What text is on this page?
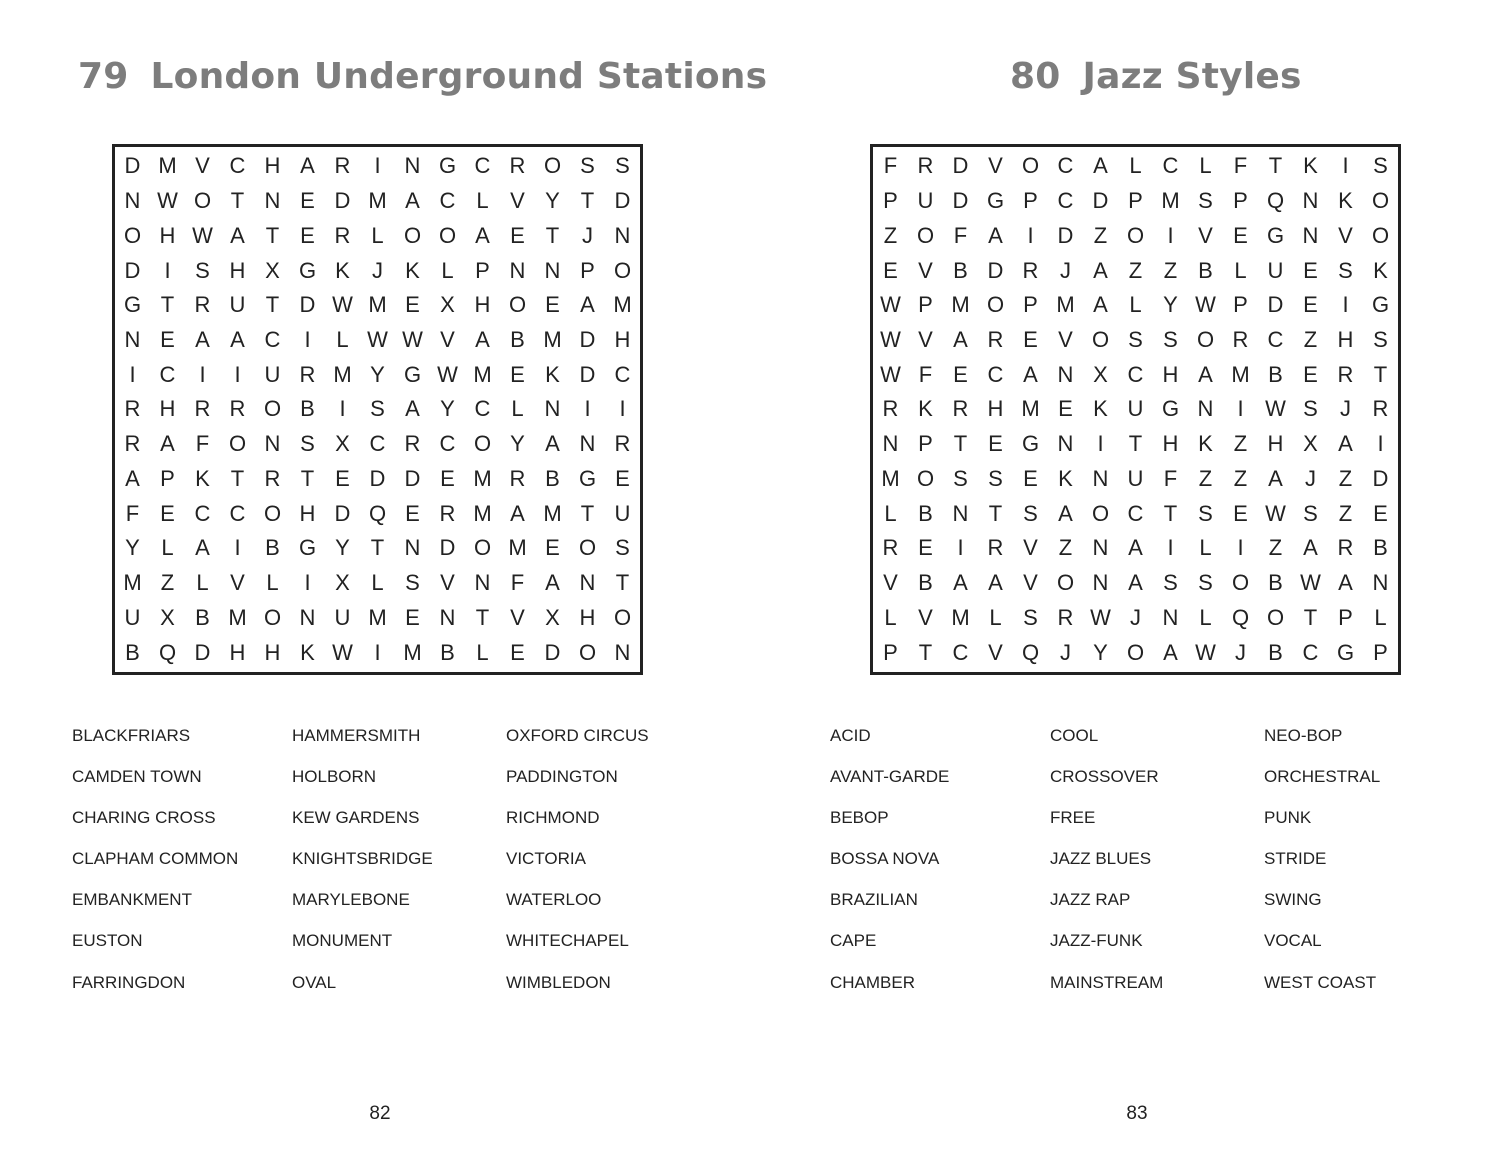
79 London Underground Stations
D M V C H A R	I	N G C R O S S
N W O T N E D M A C L V Y T D
O H W A T E R L O O A E T	J N
D	I	S H X G K	J	K L P N N P O
G T R U T D W M E X H O E A M
N E A A C	I	L W W V A B M D H
I	C	I	I	U R M Y G W M E K D C
R H R R O B	I	S A Y C L N	I	I
R A F O N S X C R C O Y A N R
A P K T R T E D D E M R B G E
F E C C O H D Q E R M A M T U
Y L A	I	B G Y T N D O M E O S
M Z	L V L	I	X L S V N F A N T
U X B M O N U M E N T V X H O
B Q D H H K W I	M B L E D O N
BLACKFRIARS
CAMDEN TOWN
CHARING CROSS
CLAPHAM COMMON
EMBANKMENT
EUSTON
FARRINGDON
HAMMERSMITH
HOLBORN
KEW GARDENS
KNIGHTSBRIDGE
MARYLEBONE
MONUMENT
OVAL
OXFORD CIRCUS
PADDINGTON
RICHMOND
VICTORIA
WATERLOO
WHITECHAPEL
WIMBLEDON
82
80 Jazz Styles
F R D V O C A L C L	F T K	I	S
P U D G P C D P M S P Q N K O
Z O F A	I	D Z O	I	V E G N V O
E V B D R J	A Z Z B L U E S K
W P M O P M A L Y W P D E	I	G
W V A R E V O S S O R C Z H S
W F E C A N X C H A M B E R T
R K R H M E K U G N	I W S	J R
N P T E G N	I	T H K Z H X A	I
M O S S E K N U F Z Z A	J	Z D
L B N T S A O C T S E W S Z E
R E	I	R V Z N A	I	L	I	Z A R B
V B A A V O N A S S O B W A N
L V M L S R W J N L Q O T P L
P T C V Q J	Y O A W J	B C G P
ACID
AVANT-GARDE
BEBOP
BOSSA NOVA
BRAZILIAN
CAPE
CHAMBER
COOL
CROSSOVER
FREE
JAZZ BLUES
JAZZ RAP
JAZZ-FUNK
MAINSTREAM
NEO-BOP
ORCHESTRAL
PUNK
STRIDE
SWING
VOCAL
WEST COAST
83
